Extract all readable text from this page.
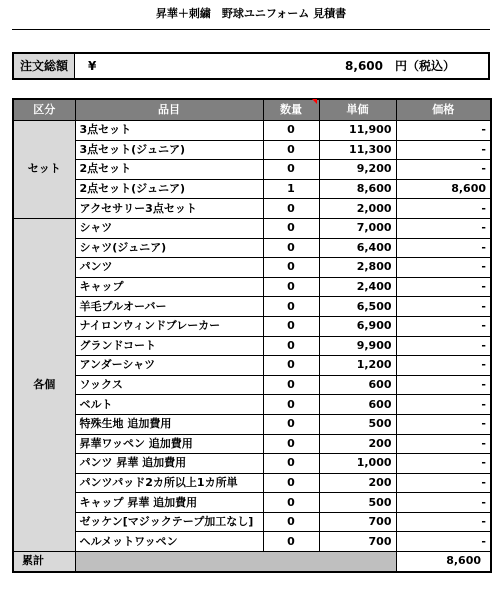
昇華＋刺繍　野球ユニフォーム 見積書
注文総額	¥	8,600 円（税込）
区分	品目	数量	単価	価格
セット	3点セット	0	11,900	-
	3点セット(ジュニア)	0	11,300	-
	2点セット	0	9,200	-
	2点セット(ジュニア)	1	8,600	8,600
	アクセサリー3点セット	0	2,000	-
各個	シャツ	0	7,000	-
	シャツ(ジュニア)	0	6,400	-
	パンツ	0	2,800	-
	キャップ	0	2,400	-
	羊毛プルオーバー	0	6,500	-
	ナイロンウィンドブレーカー	0	6,900	-
	グランドコート	0	9,900	-
	アンダーシャツ	0	1,200	-
	ソックス	0	600	-
	ベルト	0	600	-
	特殊生地 追加費用	0	500	-
	昇華ワッペン 追加費用	0	200	-
	パンツ 昇華 追加費用	0	1,000	-
	パンツパッド2カ所以上1カ所単	0	200	-
	キャップ 昇華 追加費用	0	500	-
	ゼッケン[マジックテープ加工なし]	0	700	-
	ヘルメットワッペン	0	700	-
累計				8,600
